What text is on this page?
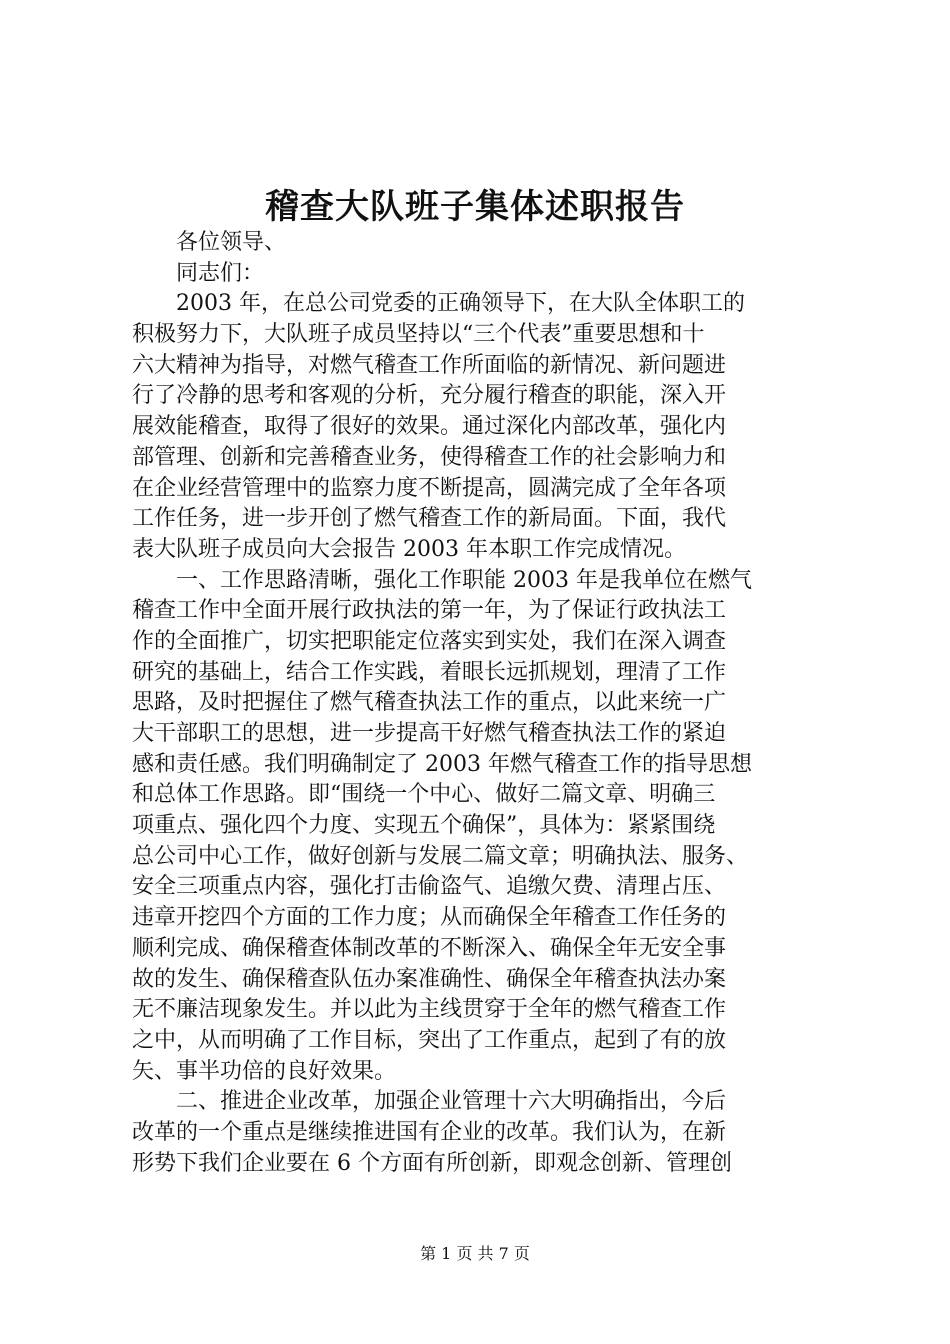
稽查大队班子集体述职报告
各位领导、
同志们：
2003 年，在总公司党委的正确领导下，在大队全体职工的
积极努力下，大队班子成员坚持以“三个代表”重要思想和十
六大精神为指导，对燃气稽查工作所面临的新情况、新问题进
行了冷静的思考和客观的分析，充分履行稽查的职能，深入开
展效能稽查，取得了很好的效果。通过深化内部改革，强化内
部管理、创新和完善稽查业务，使得稽查工作的社会影响力和
在企业经营管理中的监察力度不断提高，圆满完成了全年各项
工作任务，进一步开创了燃气稽查工作的新局面。下面，我代
表大队班子成员向大会报告 2003 年本职工作完成情况。
一、工作思路清晰，强化工作职能 2003 年是我单位在燃气
稽查工作中全面开展行政执法的第一年，为了保证行政执法工
作的全面推广，切实把职能定位落实到实处，我们在深入调查
研究的基础上，结合工作实践，着眼长远抓规划，理清了工作
思路，及时把握住了燃气稽查执法工作的重点，以此来统一广
大干部职工的思想，进一步提高干好燃气稽查执法工作的紧迫
感和责任感。我们明确制定了 2003 年燃气稽查工作的指导思想
和总体工作思路。即“围绕一个中心、做好二篇文章、明确三
项重点、强化四个力度、实现五个确保”，具体为：紧紧围绕
总公司中心工作，做好创新与发展二篇文章；明确执法、服务、
安全三项重点内容，强化打击偷盗气、追缴欠费、清理占压、
违章开挖四个方面的工作力度；从而确保全年稽查工作任务的
顺利完成、确保稽查体制改革的不断深入、确保全年无安全事
故的发生、确保稽查队伍办案准确性、确保全年稽查执法办案
无不廉洁现象发生。并以此为主线贯穿于全年的燃气稽查工作
之中，从而明确了工作目标，突出了工作重点，起到了有的放
矢、事半功倍的良好效果。
二、推进企业改革，加强企业管理十六大明确指出，今后
改革的一个重点是继续推进国有企业的改革。我们认为，在新
形势下我们企业要在 6 个方面有所创新，即观念创新、管理创
第 1 页 共 7 页
